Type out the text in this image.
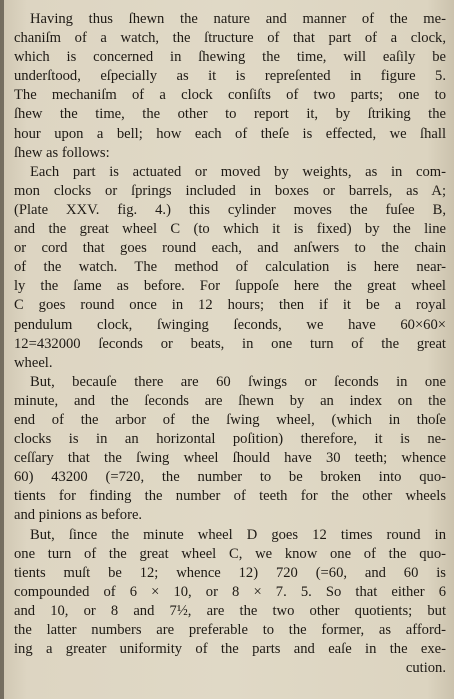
Having thus ſhewn the nature and manner of the me-
chaniſm of a watch, the ſtructure of that part of a clock,
which is concerned in ſhewing the time, will eaſily be
underſtood, eſpecially as it is repreſented in figure 5.
The mechaniſm of a clock conſiſts of two parts; one to
ſhew the time, the other to report it, by ſtriking the
hour upon a bell; how each of theſe is effected, we ſhall
ſhew as follows:

Each part is actuated or moved by weights, as in com-
mon clocks or ſprings included in boxes or barrels, as A;
(Plate XXV. fig. 4.) this cylinder moves the fuſee B,
and the great wheel C (to which it is fixed) by the line
or cord that goes round each, and anſwers to the chain
of the watch. The method of calculation is here near-
ly the ſame as before. For ſuppoſe here the great wheel
C goes round once in 12 hours; then if it be a royal
pendulum clock, ſwinging ſeconds, we have 60×60×
12=432000 ſeconds or beats, in one turn of the great
wheel.

But, becauſe there are 60 ſwings or ſeconds in one
minute, and the ſeconds are ſhewn by an index on the
end of the arbor of the ſwing wheel, (which in thoſe
clocks is in an horizontal poſition) therefore, it is ne-
ceſſary that the ſwing wheel ſhould have 30 teeth; whence
60) 43200 (=720, the number to be broken into quo-
tients for finding the number of teeth for the other wheels
and pinions as before.

But, ſince the minute wheel D goes 12 times round in
one turn of the great wheel C, we know one of the quo-
tients muſt be 12; whence 12) 720 (=60, and 60 is
compounded of 6 × 10, or 8 × 7. 5. So that either 6
and 10, or 8 and 7½, are the two other quotients; but
the latter numbers are preferable to the former, as afford-
ing a greater uniformity of the parts and eaſe in the exe-
cution.
